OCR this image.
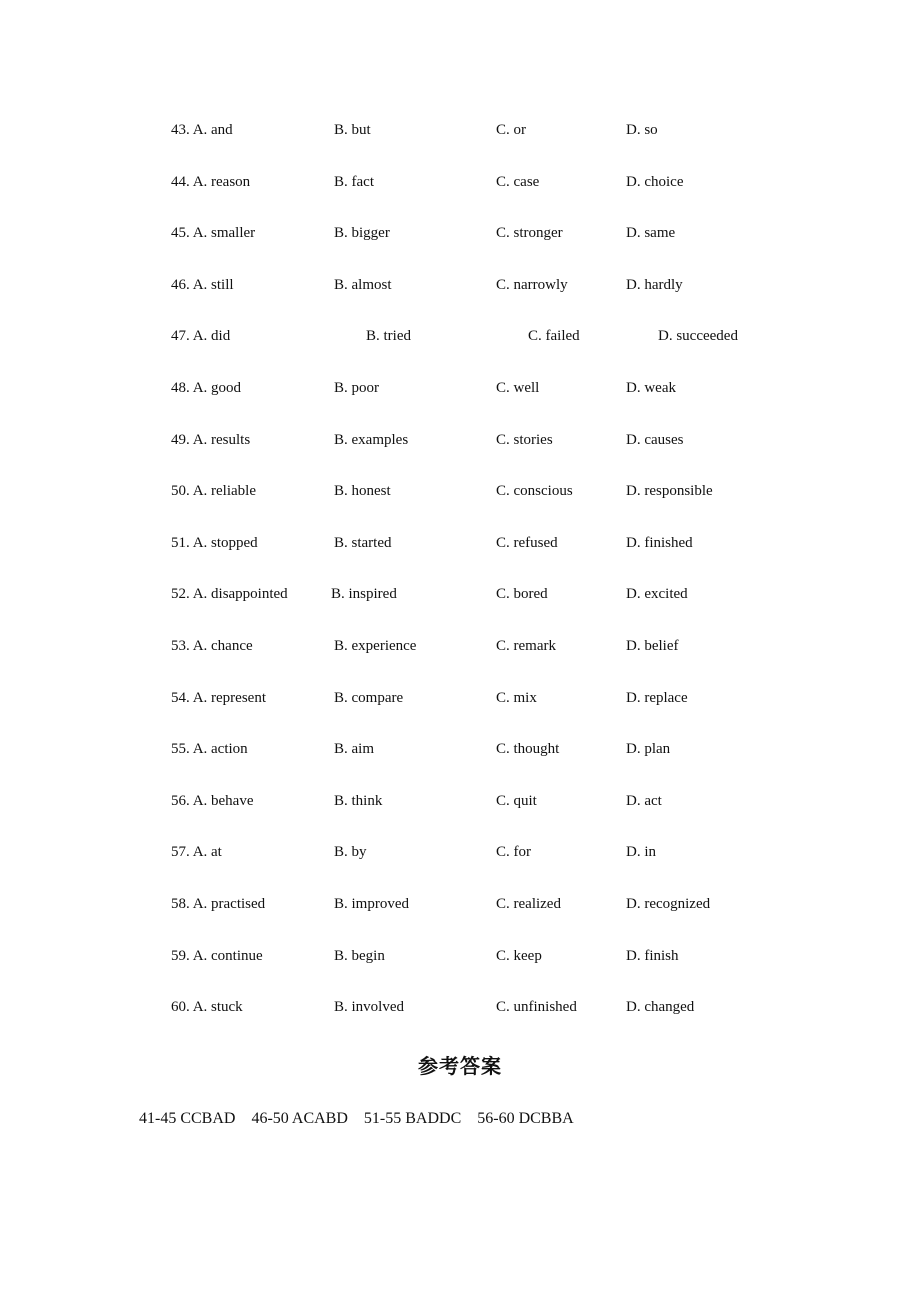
43. A. and	B. but	C. or	D. so
44. A. reason	B. fact	C. case	D. choice
45. A. smaller	B. bigger	C. stronger	D. same
46. A. still	B. almost	C. narrowly	D. hardly
47. A. did	B. tried	C. failed	D. succeeded
48. A. good	B. poor	C. well	D. weak
49. A. results	B. examples	C. stories	D. causes
50. A. reliable	B. honest	C. conscious	D. responsible
51. A. stopped	B. started	C. refused	D. finished
52. A. disappointed	B. inspired	C. bored	D. excited
53. A. chance	B. experience	C. remark	D. belief
54. A. represent	B. compare	C. mix	D. replace
55. A. action	B. aim	C. thought	D. plan
56. A. behave	B. think	C. quit	D. act
57. A. at	B. by	C. for	D. in
58. A. practised	B. improved	C. realized	D. recognized
59. A. continue	B. begin	C. keep	D. finish
60. A. stuck	B. involved	C. unfinished	D. changed
参考答案
41-45 CCBAD    46-50 ACABD    51-55 BADDC    56-60 DCBBA
